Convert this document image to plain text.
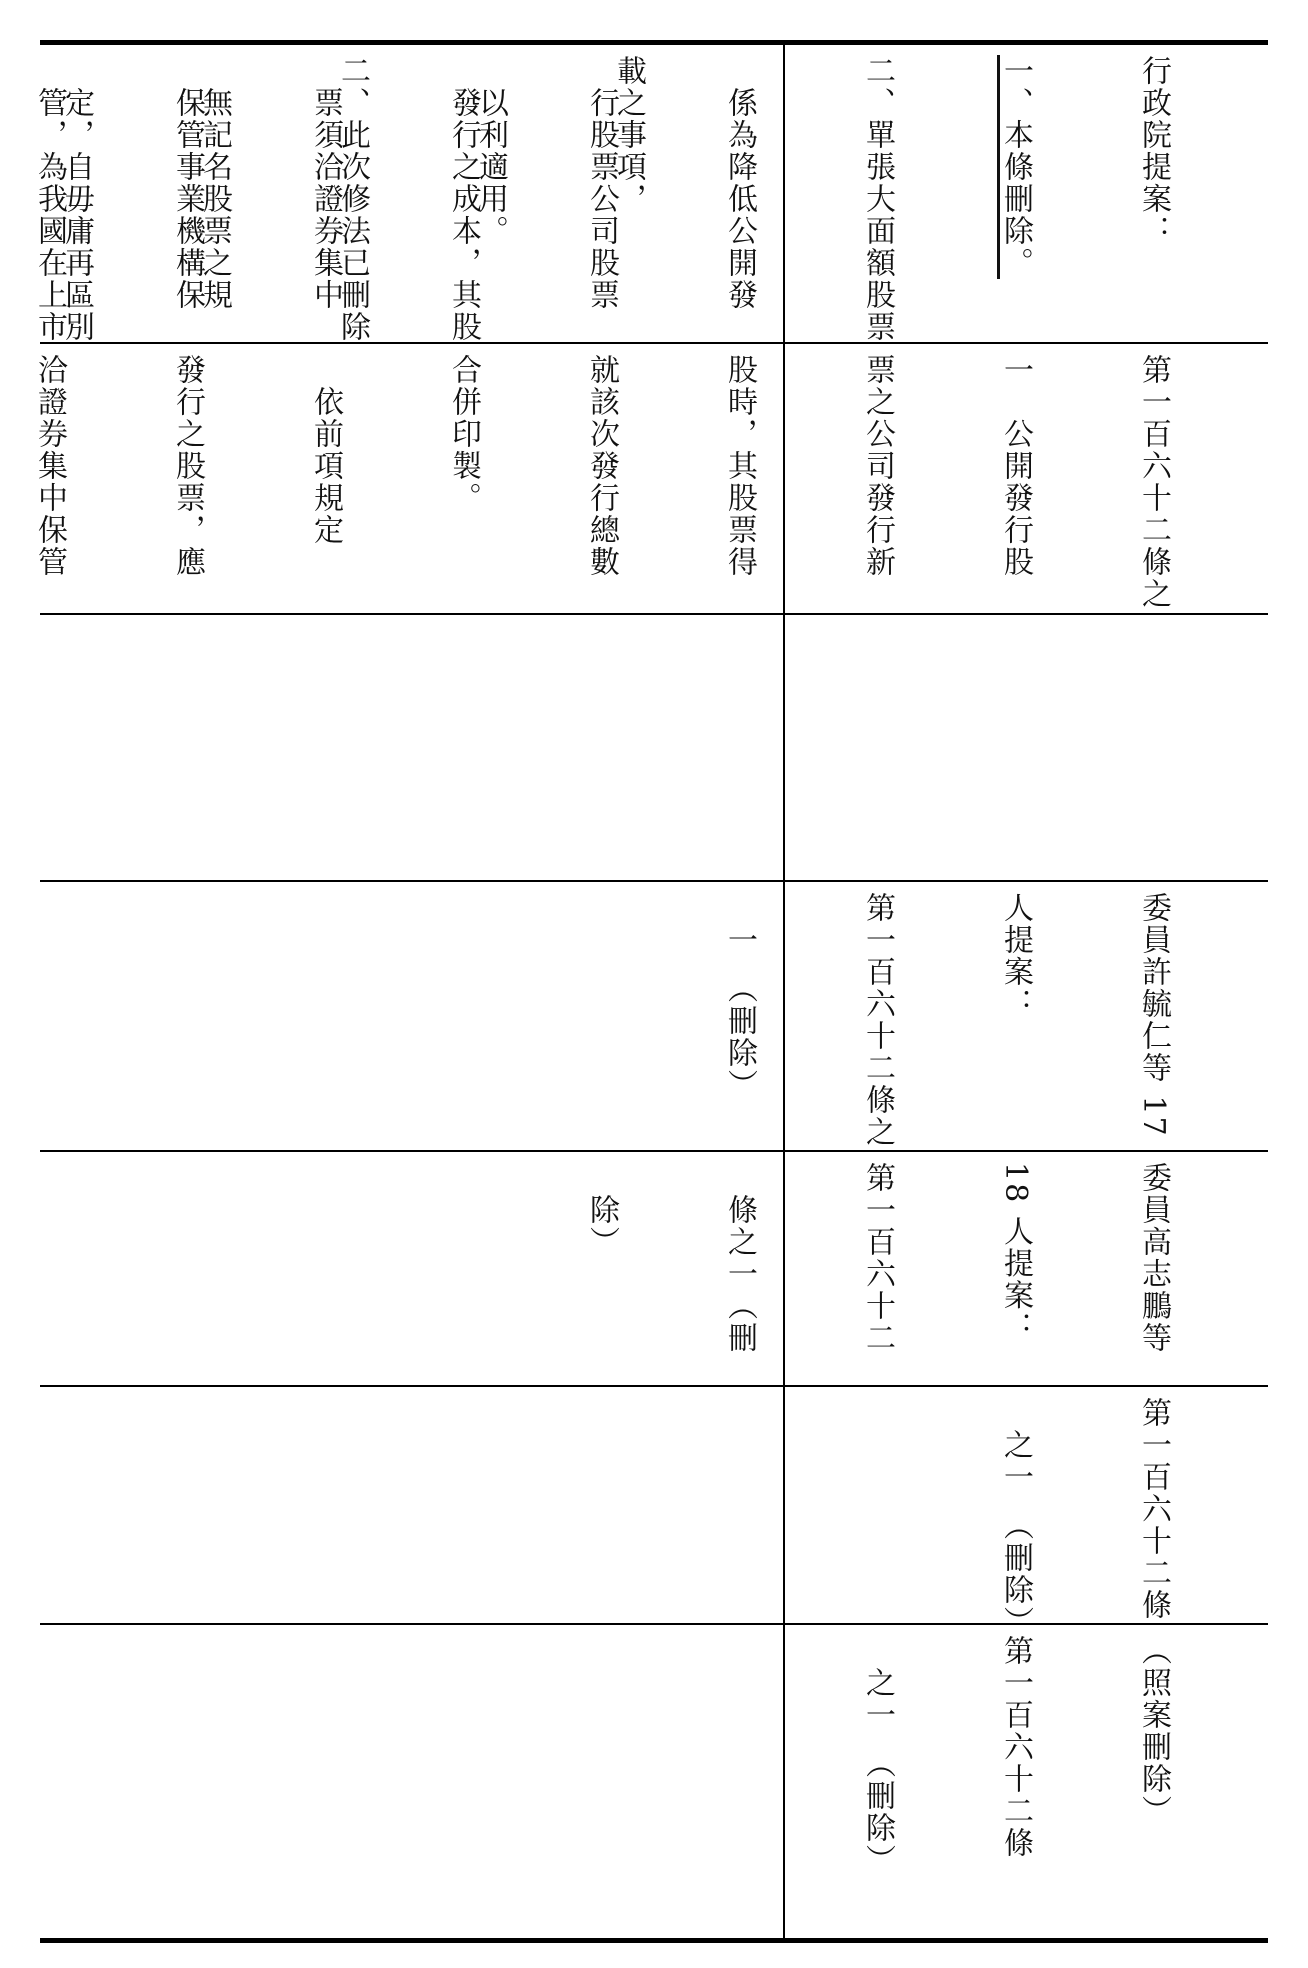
載之事項，

　以利適用。

二、此次修法已刪除

　無記名股票之規

　定，自毋庸再區別

	行政院提案：

一、本條刪除。

二、單張大面額股票

　係為降低公開發

　行股票公司股票

　發行之成本，其股

　票須洽證券集中

　保管事業機構保

　管，為我國在上市

第一百六十二條之

一　公開發行股

票之公司發行新

股時，其股票得

就該次發行總數

合併印製。

　依前項規定

發行之股票，應

洽證券集中保管

委員許毓仁等 17

人提案：

第一百六十二條之

　一　（刪除）

委員高志鵬等

18 人提案：

第一百六十二

　條之一（刪

　除）

第一百六十二條

　之一　（刪除）

（照案刪除）

第一百六十二條

　之一　（刪除）
